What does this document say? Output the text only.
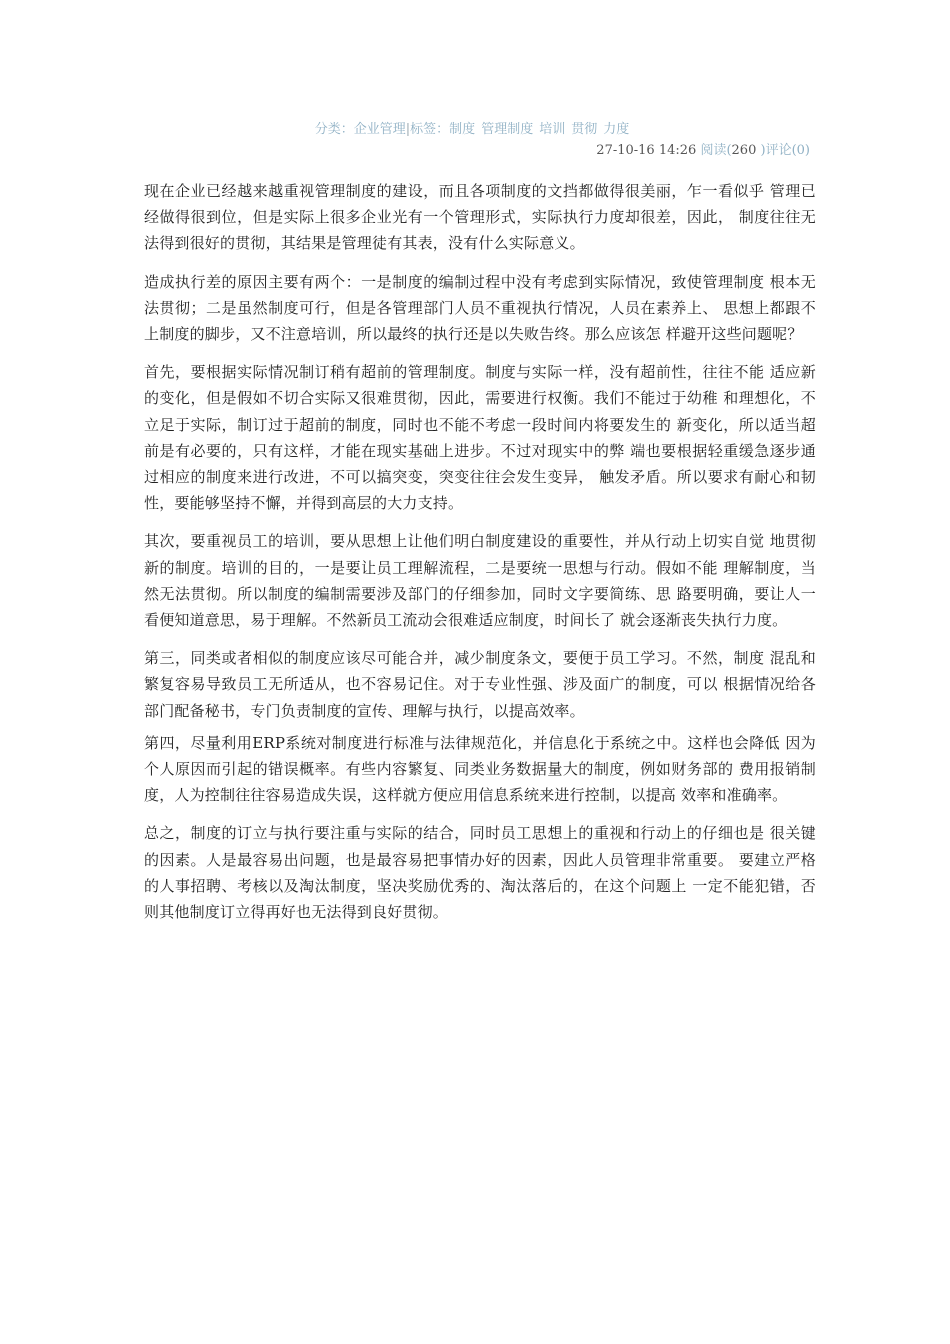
分类：企业管理|标签：制度 管理制度 培训 贯彻 力度
27-10-16 14:26 阅读(260 )评论(0)

现在企业已经越来越重视管理制度的建设，而且各项制度的文挡都做得很美丽，乍一看似乎 管理已经做得很到位，但是实际上很多企业光有一个管理形式，实际执行力度却很差，因此， 制度往往无法得到很好的贯彻，其结果是管理徒有其表，没有什么实际意义。

造成执行差的原因主要有两个：一是制度的编制过程中没有考虑到实际情况，致使管理制度 根本无法贯彻；二是虽然制度可行，但是各管理部门人员不重视执行情况，人员在素养上、 思想上都跟不上制度的脚步，又不注意培训，所以最终的执行还是以失败告终。那么应该怎 样避开这些问题呢？

首先，要根据实际情况制订稍有超前的管理制度。制度与实际一样，没有超前性，往往不能 适应新的变化，但是假如不切合实际又很难贯彻，因此，需要进行权衡。我们不能过于幼稚 和理想化，不立足于实际，制订过于超前的制度，同时也不能不考虑一段时间内将要发生的 新变化，所以适当超前是有必要的，只有这样，才能在现实基础上进步。不过对现实中的弊 端也要根据轻重缓急逐步通过相应的制度来进行改进，不可以搞突变，突变往往会发生变异， 触发矛盾。所以要求有耐心和韧性，要能够坚持不懈，并得到高层的大力支持。

其次，要重视员工的培训，要从思想上让他们明白制度建设的重要性，并从行动上切实自觉 地贯彻新的制度。培训的目的，一是要让员工理解流程，二是要统一思想与行动。假如不能 理解制度，当然无法贯彻。所以制度的编制需要涉及部门的仔细参加，同时文字要简练、思 路要明确，要让人一看便知道意思，易于理解。不然新员工流动会很难适应制度，时间长了 就会逐渐丧失执行力度。

第三，同类或者相似的制度应该尽可能合并，减少制度条文，要便于员工学习。不然，制度 混乱和繁复容易导致员工无所适从，也不容易记住。对于专业性强、涉及面广的制度，可以 根据情况给各部门配备秘书，专门负责制度的宣传、理解与执行，以提高效率。

第四，尽量利用ERP系统对制度进行标准与法律规范化，并信息化于系统之中。这样也会降低 因为个人原因而引起的错误概率。有些内容繁复、同类业务数据量大的制度，例如财务部的 费用报销制度，人为控制往往容易造成失误，这样就方便应用信息系统来进行控制，以提高 效率和准确率。

总之，制度的订立与执行要注重与实际的结合，同时员工思想上的重视和行动上的仔细也是 很关键的因素。人是最容易出问题，也是最容易把事情办好的因素，因此人员管理非常重要。 要建立严格的人事招聘、考核以及淘汰制度，坚决奖励优秀的、淘汰落后的，在这个问题上 一定不能犯错，否则其他制度订立得再好也无法得到良好贯彻。
